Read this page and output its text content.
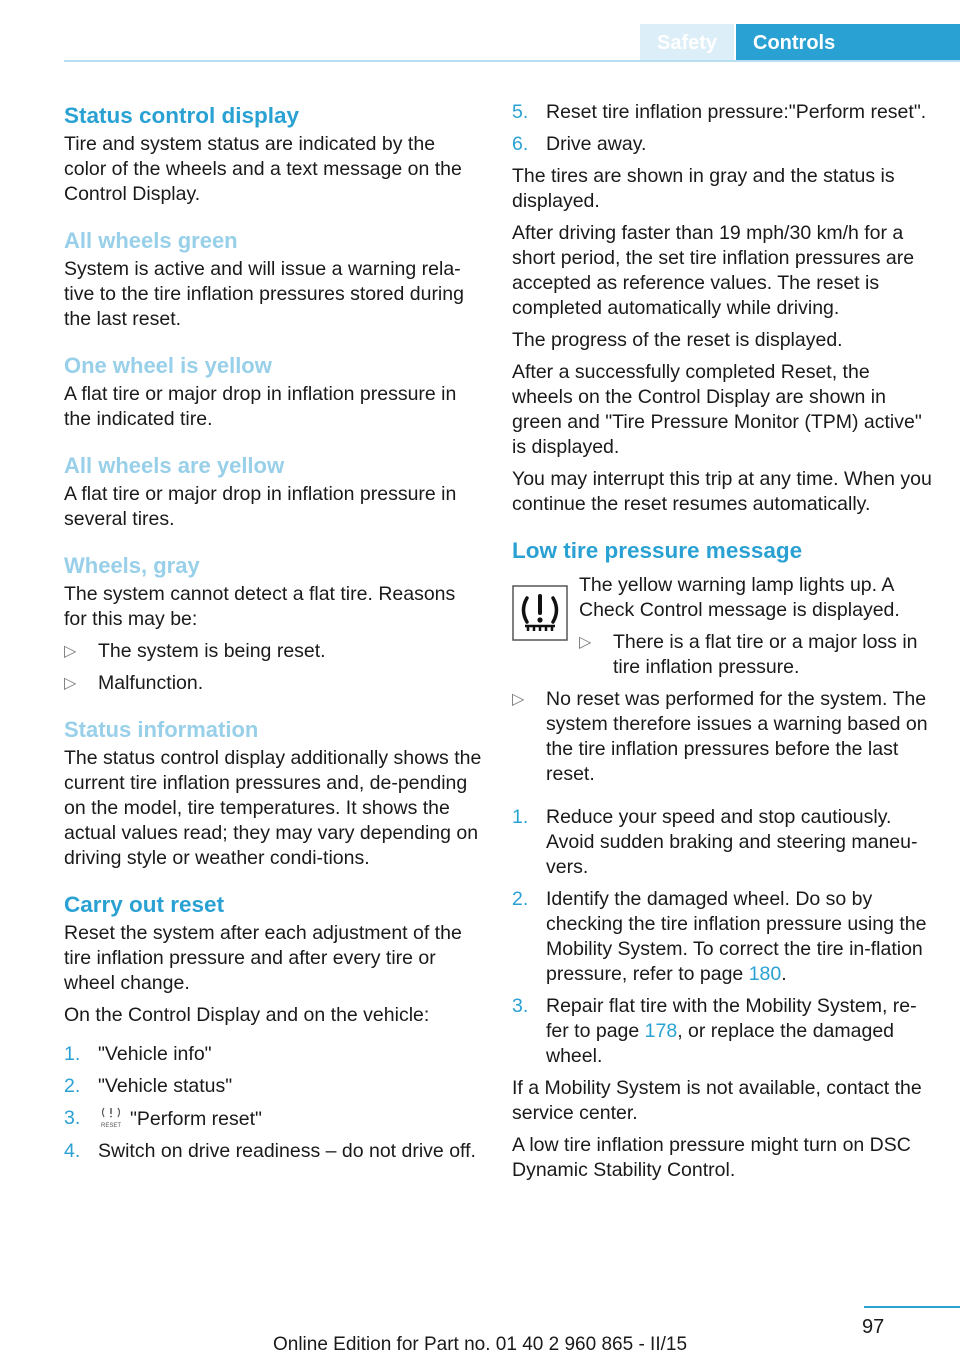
Safety	Controls
Status control display

Tire and system status are indicated by the color of the wheels and a text message on the Control Display.

All wheels green

System is active and will issue a warning rela‐tive to the tire inflation pressures stored during the last reset.

One wheel is yellow

A flat tire or major drop in inflation pressure in the indicated tire.

All wheels are yellow

A flat tire or major drop in inflation pressure in several tires.

Wheels, gray

The system cannot detect a flat tire. Reasons for this may be:

▷ The system is being reset.
▷ Malfunction.
Status information

The status control display additionally shows the current tire inflation pressures and, de‐pending on the model, tire temperatures. It shows the actual values read; they may vary depending on driving style or weather condi‐tions.

Carry out reset

Reset the system after each adjustment of the tire inflation pressure and after every tire or wheel change.

On the Control Display and on the vehicle:

1. "Vehicle info"
2. "Vehicle status"
3.	RESET "Perform reset"
4. Switch on drive readiness – do not drive off.
5. Reset tire inflation pressure:"Perform reset".
6. Drive away.

The tires are shown in gray and the status is displayed.

After driving faster than 19 mph/30 km/h for a short period, the set tire inflation pressures are accepted as reference values. The reset is completed automatically while driving.

The progress of the reset is displayed.

After a successfully completed Reset, the wheels on the Control Display are shown in green and "Tire Pressure Monitor (TPM) active" is displayed.

You may interrupt this trip at any time. When you continue the reset resumes automatically.

Low tire pressure message

The yellow warning lamp lights up. A Check Control message is displayed.

▷ There is a flat tire or a major loss in tire inflation pressure.
▷ No reset was performed for the system. The system therefore issues a warning based on the tire inflation pressures before the last reset.
1. Reduce your speed and stop cautiously. Avoid sudden braking and steering maneu‐vers.
2. Identify the damaged wheel. Do so by checking the tire inflation pressure using the Mobility System. To correct the tire in‐flation pressure, refer to page 180.
3. Repair flat tire with the Mobility System, re‐fer to page 178, or replace the damaged wheel.

If a Mobility System is not available, contact the service center.

A low tire inflation pressure might turn on DSC Dynamic Stability Control.

97
Online Edition for Part no. 01 40 2 960 865 - II/15
